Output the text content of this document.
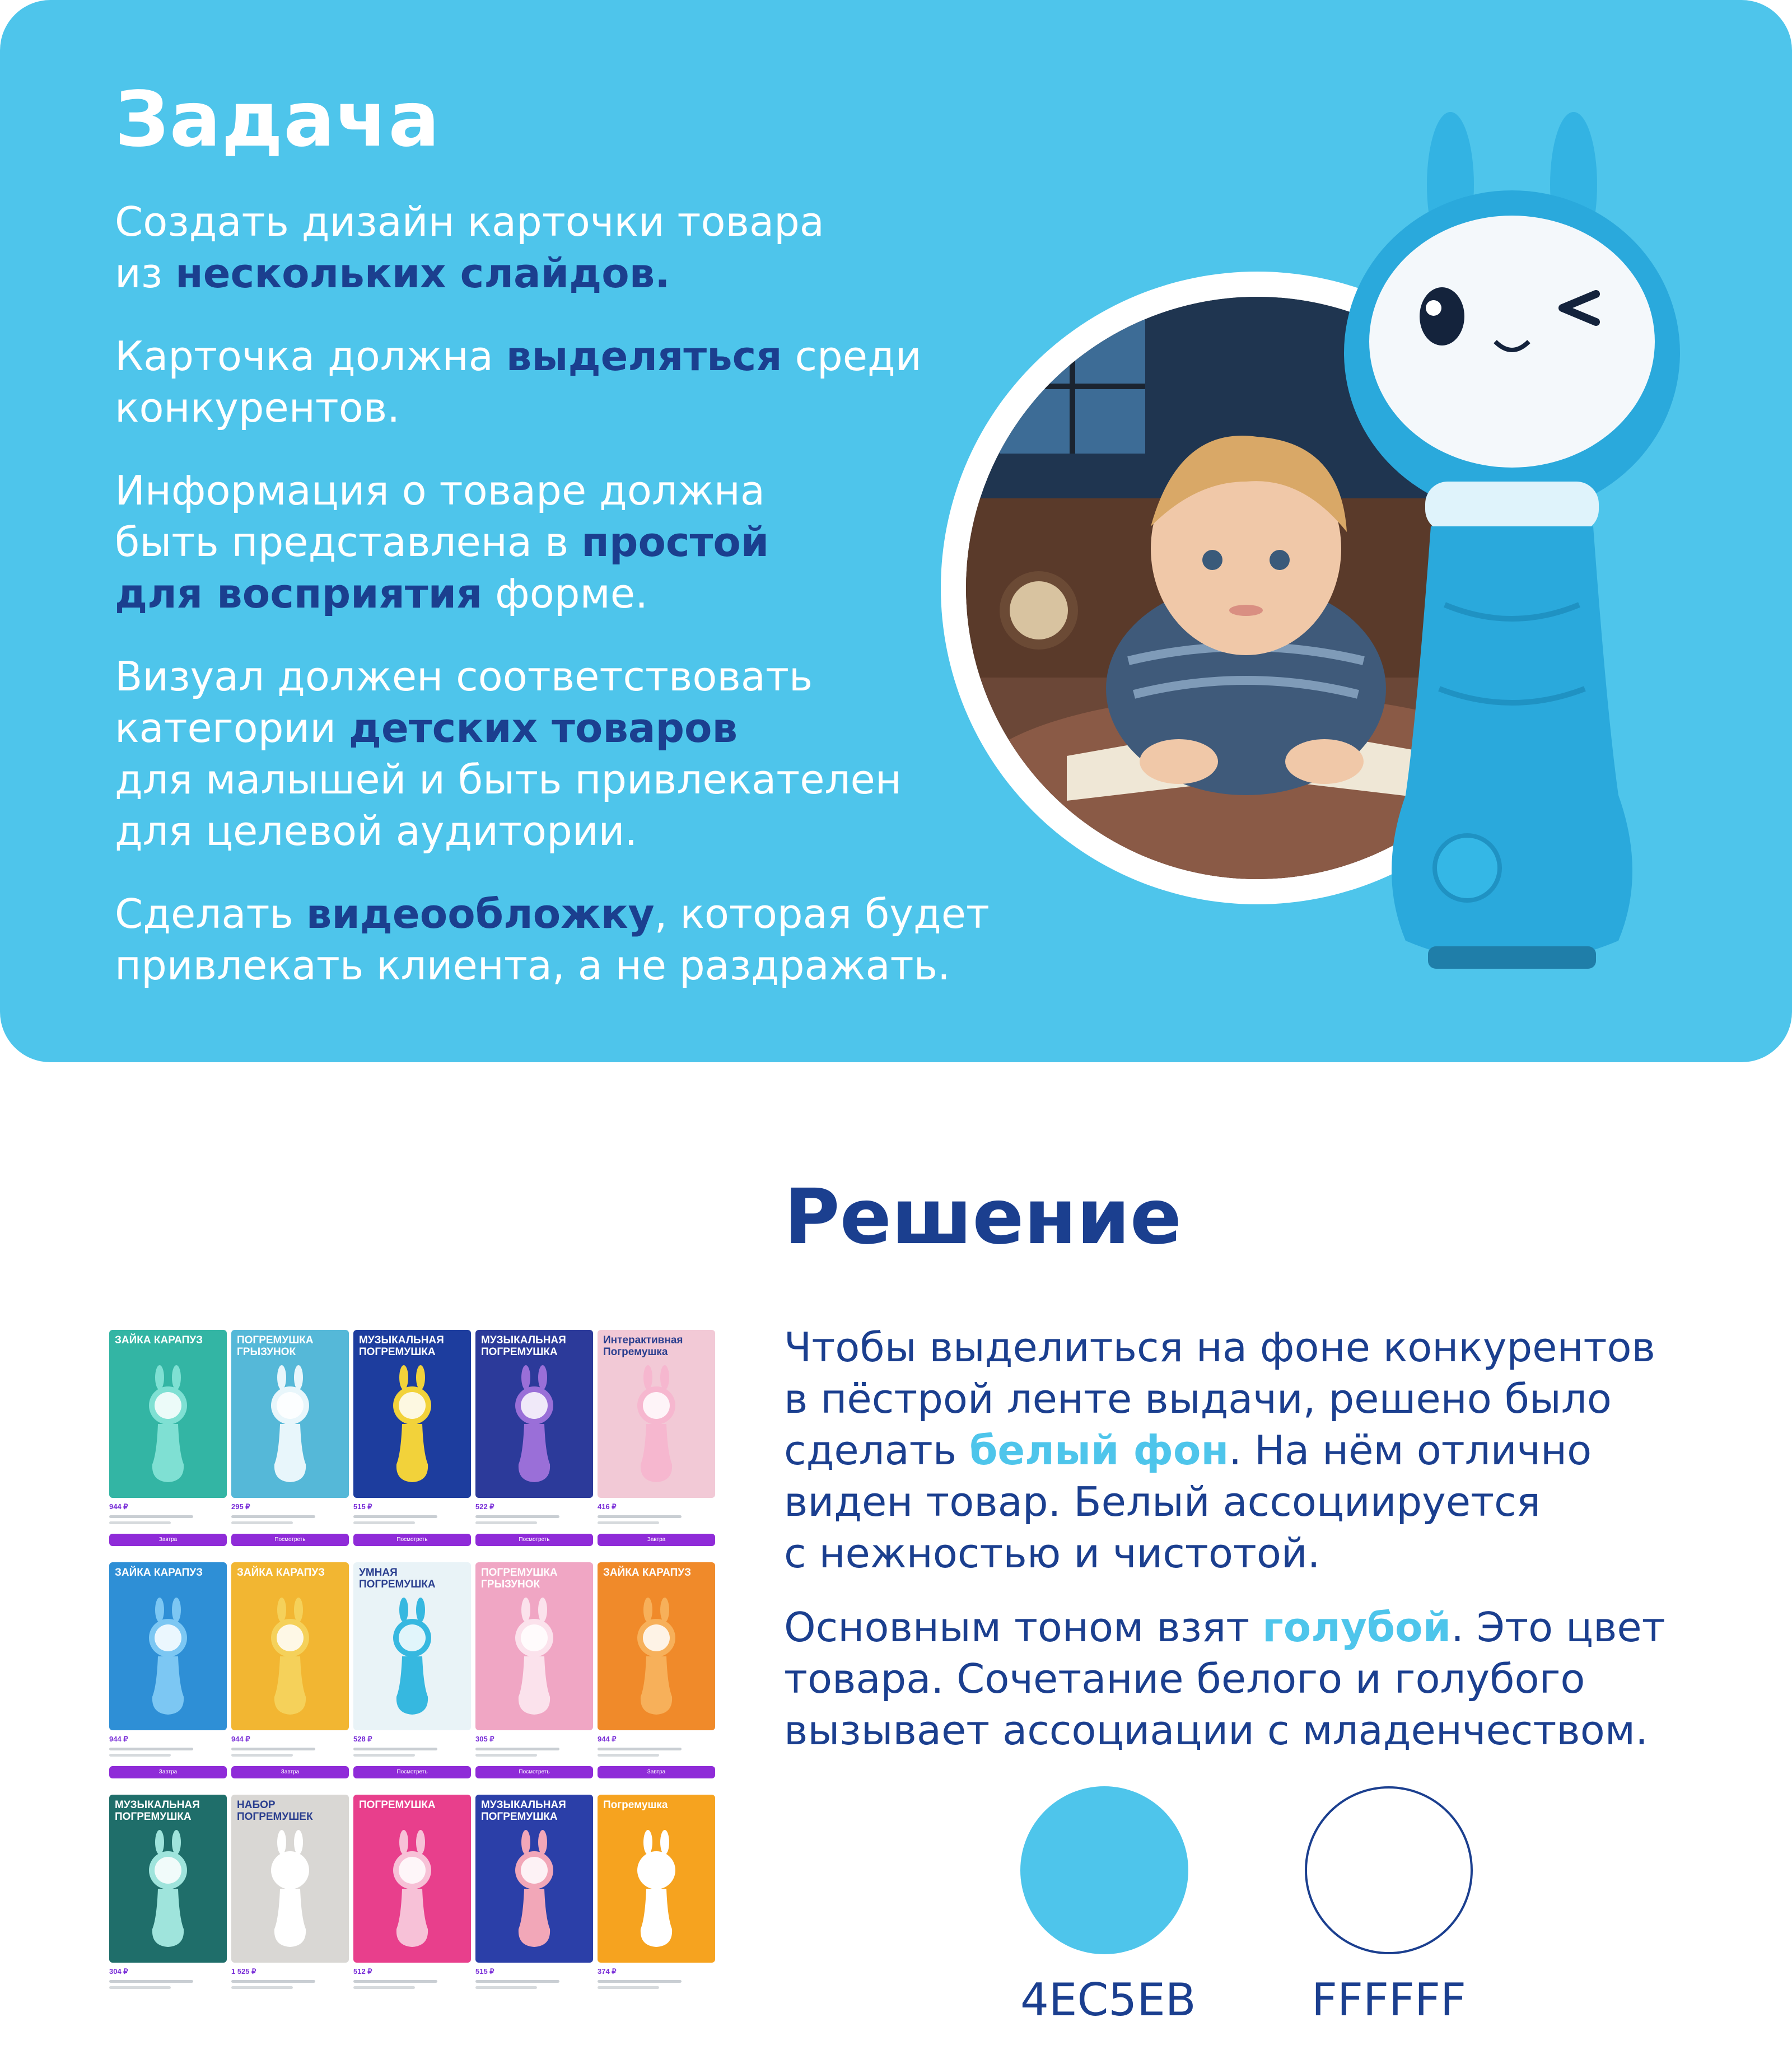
Задача

Создать дизайн карточки товара
из нескольких слайдов.

Карточка должна выделяться среди
конкурентов.

Информация о товаре должна
быть представлена в простой
для восприятия форме.

Визуал должен соответствовать
категории детских товаров
для малышей и быть привлекателен
для целевой аудитории.

Сделать видеообложку, которая будет
привлекать клиента, а не раздражать.

Решение

Чтобы выделиться на фоне конкурентов
в пёстрой ленте выдачи, решено было
сделать белый фон. На нём отлично
виден товар. Белый ассоциируется
с нежностью и чистотой.

Основным тоном взят голубой. Это цвет
товара. Сочетание белого и голубого
вызывает ассоциации с младенчеством.

ЗАЙКА КАРАПУЗ
944 ₽
Завтра
ПОГРЕМУШКА ГРЫЗУНОК
295 ₽
Посмотреть
МУЗЫКАЛЬНАЯ ПОГРЕМУШКА
515 ₽
Посмотреть
МУЗЫКАЛЬНАЯ ПОГРЕМУШКА
522 ₽
Посмотреть
Интерактивная Погремушка
416 ₽
Завтра
ЗАЙКА КАРАПУЗ
944 ₽
Завтра
ЗАЙКА КАРАПУЗ
944 ₽
Завтра
УМНАЯ ПОГРЕМУШКА
528 ₽
Посмотреть
ПОГРЕМУШКА ГРЫЗУНОК
305 ₽
Посмотреть
ЗАЙКА КАРАПУЗ
944 ₽
Завтра
МУЗЫКАЛЬНАЯ ПОГРЕМУШКА
304 ₽
НАБОР ПОГРЕМУШЕК
1 525 ₽
ПОГРЕМУШКА
512 ₽
МУЗЫКАЛЬНАЯ ПОГРЕМУШКА
515 ₽
Погремушка
374 ₽
4EC5EB	FFFFFF
